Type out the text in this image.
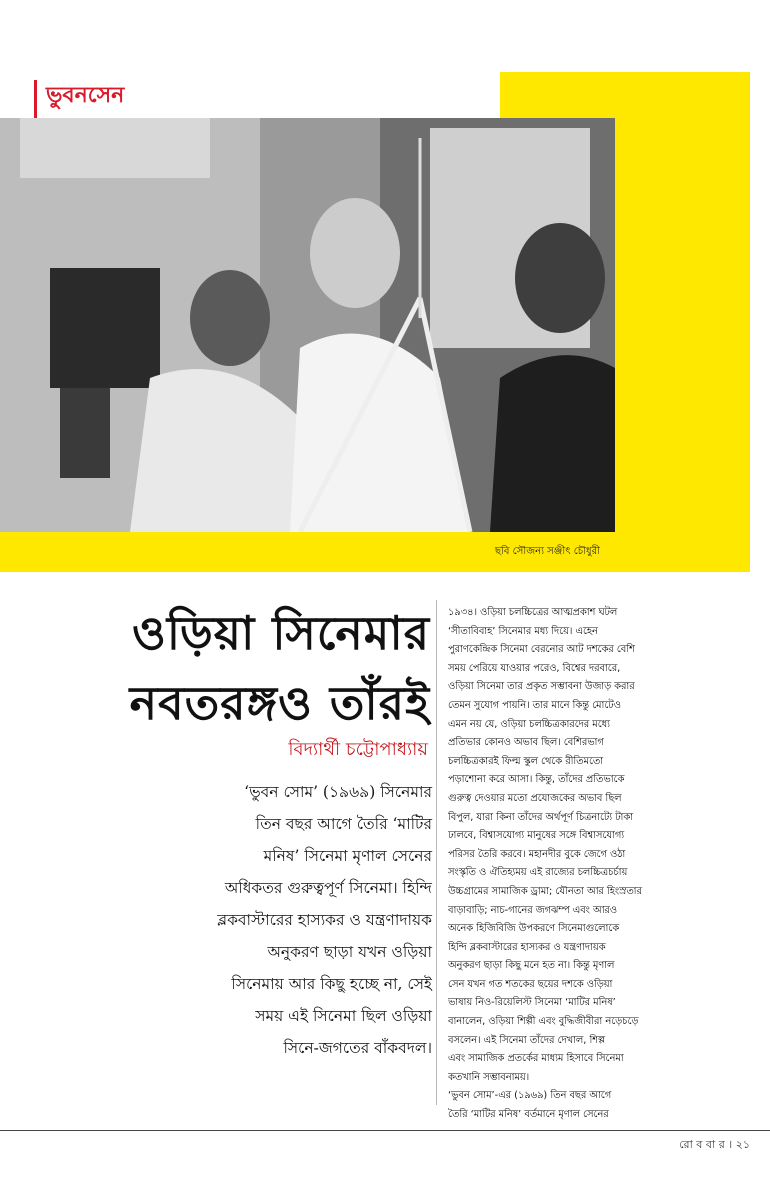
ভুবনসেন
ছবি সৌজন্য সঞ্জীৎ চৌধুরী
ওড়িয়া সিনেমার
নবতরঙ্গও তাঁরই
বিদ্যার্থী চট্টোপাধ্যায়
‘ভুবন সোম’ (১৯৬৯) সিনেমার
তিন বছর আগে তৈরি ‘মাটির
মনিষ’ সিনেমা মৃণাল সেনের
অধিকতর গুরুত্বপূর্ণ সিনেমা। হিন্দি
ব্লকবাস্টারের হাস্যকর ও যন্ত্রণাদায়ক
অনুকরণ ছাড়া যখন ওড়িয়া
সিনেমায় আর কিছু হচ্ছে না, সেই
সময় এই সিনেমা ছিল ওড়িয়া
সিনে-জগতের বাঁকবদল।
১৯৩৪। ওড়িয়া চলচ্চিত্রের আত্মপ্রকাশ ঘটল
‘সীতাবিবাহ’ সিনেমার মধ্য দিয়ে। এহেন
পুরাণকেন্দ্রিক সিনেমা বেরনোর আট দশকের বেশি
সময় পেরিয়ে যাওয়ার পরেও, বিশ্বের দরবারে,
ওড়িয়া সিনেমা তার প্রকৃত সম্ভাবনা উজাড় করার
তেমন সুযোগ পায়নি। তার মানে কিন্তু মোটেও
এমন নয় যে, ওড়িয়া চলচ্চিত্রকারদের মধ্যে
প্রতিভার কোনও অভাব ছিল। বেশিরভাগ
চলচ্চিত্রকারই ফিল্ম স্কুল থেকে রীতিমতো
পড়াশোনা করে আসা। কিন্তু, তাঁদের প্রতিভাকে
গুরুত্ব দেওয়ার মতো প্রযোজকের অভাব ছিল
বিপুল, যারা কিনা তাঁদের অর্থপূর্ণ চিত্রনাট্যে টাকা
ঢালবে, বিশ্বাসযোগ্য মানুষের সঙ্গে বিশ্বাসযোগ্য
পরিসর তৈরি করবে। মহানদীর বুকে জেগে ওঠা
সংস্কৃতি ও ঐতিহ্যময় এই রাজ্যের চলচ্চিত্রচর্চায়
উচ্চগ্রামের সামাজিক ড্রামা; যৌনতা আর হিংস্রতার
বাড়াবাড়ি; নাচ-গানের জগঝম্প এবং আরও
অনেক হিজিবিজি উপকরণে সিনেমাগুলোকে
হিন্দি ব্লকবাস্টারের হাস্যকর ও যন্ত্রণাদায়ক
অনুকরণ ছাড়া কিছু মনে হত না। কিন্তু মৃণাল
সেন যখন গত শতকের ছয়ের দশকে ওড়িয়া
ভাষায় নিও-রিয়েলিস্ট সিনেমা ‘মাটির মনিষ’
বানালেন, ওড়িয়া শিল্পী এবং বুদ্ধিজীবীরা নড়েচড়ে
বসলেন। এই সিনেমা তাঁদের দেখাল, শিল্প
এবং সামাজিক প্রতর্কের মাধ্যম হিসাবে সিনেমা
কতখানি সম্ভাবনাময়।
‘ভুবন সোম’-এর (১৯৬৯) তিন বছর আগে
তৈরি ‘মাটির মনিষ’ বর্তমানে মৃণাল সেনের
রো ব বা র । ২১
